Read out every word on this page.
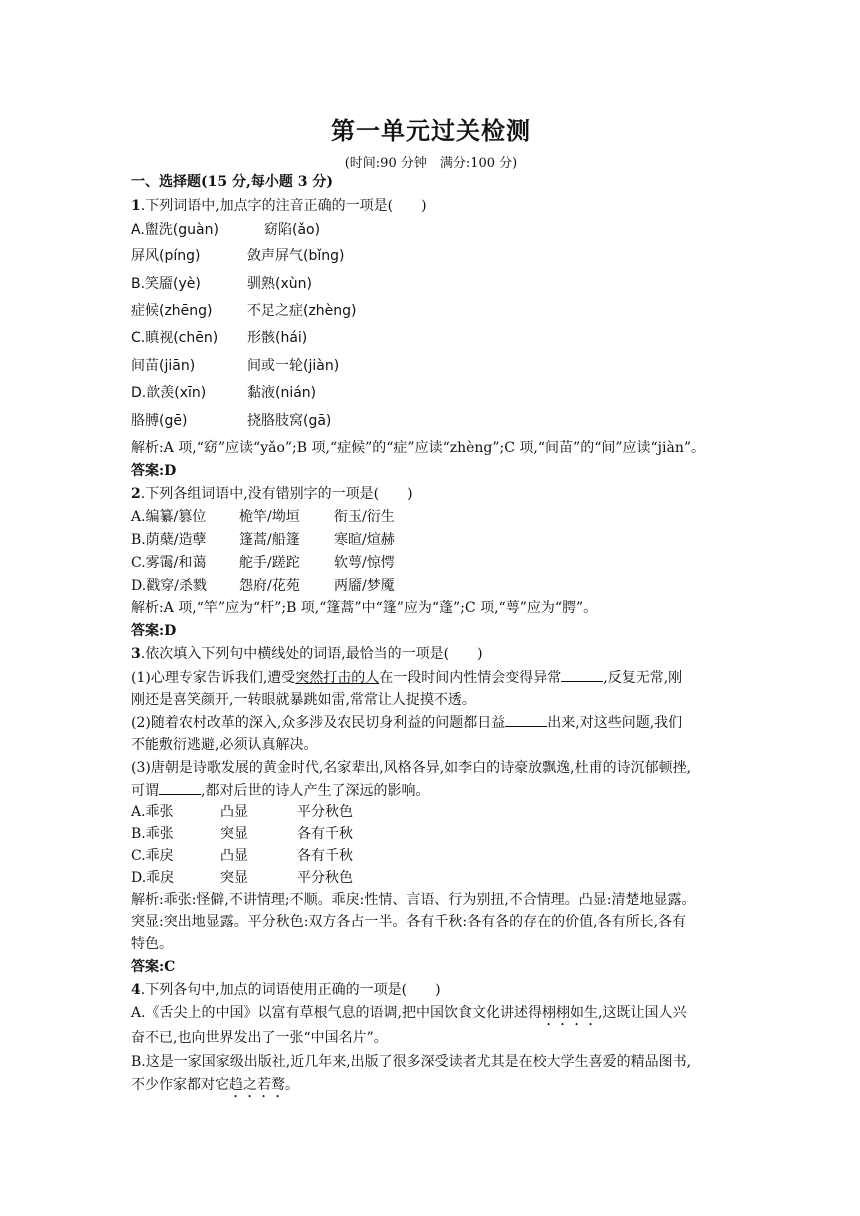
第一单元过关检测
(时间:90 分钟　满分:100 分)
一、选择题(15 分,每小题 3 分)
1.下列词语中,加点字的注音正确的一项是(　　)
A.盥洗(guàn)	窈陷(ǎo)
屏风(píng)	敛声屏气(bǐng)
B.笑靥(yè)	驯熟(xùn)
症候(zhēng) 不足之症(zhèng)
C.瞋视(chēn) 形骸(hái)
间苗(jiān)	间或一轮(jiàn)
D.歆羡(xīn)	黏液(nián)
胳膊(gē)	挠胳肢窝(gā)
解析:A 项,“窈”应读“yǎo”;B 项,“症候”的“症”应读“zhèng”;C 项,“间苗”的“间”应读“jiàn”。
答案:D
2.下列各组词语中,没有错别字的一项是(　　)
A.编纂/篡位 桅竿/坳垣 衔玉/衍生
B.荫蘖/造孽 篷蒿/船篷 寒暄/煊赫
C.雾霭/和蔼 舵手/蹉跎 软萼/惊愕
D.戳穿/杀戮 怨府/花苑 两靥/梦魇
解析:A 项,“竿”应为“杆”;B 项,“篷蒿”中“篷”应为“蓬”;C 项,“萼”应为“腭”。
答案:D
3.依次填入下列句中横线处的词语,最恰当的一项是(　　)
(1)心理专家告诉我们,遭受突然打击的人在一段时间内性情会变得异常	,反复无常,刚
刚还是喜笑颜开,一转眼就暴跳如雷,常常让人捉摸不透。
(2)随着农村改革的深入,众多涉及农民切身利益的问题都日益	出来,对这些问题,我们
不能敷衍逃避,必须认真解决。
(3)唐朝是诗歌发展的黄金时代,名家辈出,风格各异,如李白的诗豪放飘逸,杜甫的诗沉郁顿挫,
可谓	,都对后世的诗人产生了深远的影响。
A.乖张	凸显	平分秋色
B.乖张	突显	各有千秋
C.乖戾	凸显	各有千秋
D.乖戾	突显	平分秋色
解析:乖张:怪僻,不讲情理;不顺。乖戾:性情、言语、行为别扭,不合情理。凸显:清楚地显露。
突显:突出地显露。平分秋色:双方各占一半。各有千秋:各有各的存在的价值,各有所长,各有
特色。
答案:C
4.下列各句中,加点的词语使用正确的一项是(　　)
A.《舌尖上的中国》以富有草根气息的语调,把中国饮食文化讲述得栩栩如生,这既让国人兴
奋不已,也向世界发出了一张“中国名片”。
B.这是一家国家级出版社,近几年来,出版了很多深受读者尤其是在校大学生喜爱的精品图书,
不少作家都对它趋之若鹜。
